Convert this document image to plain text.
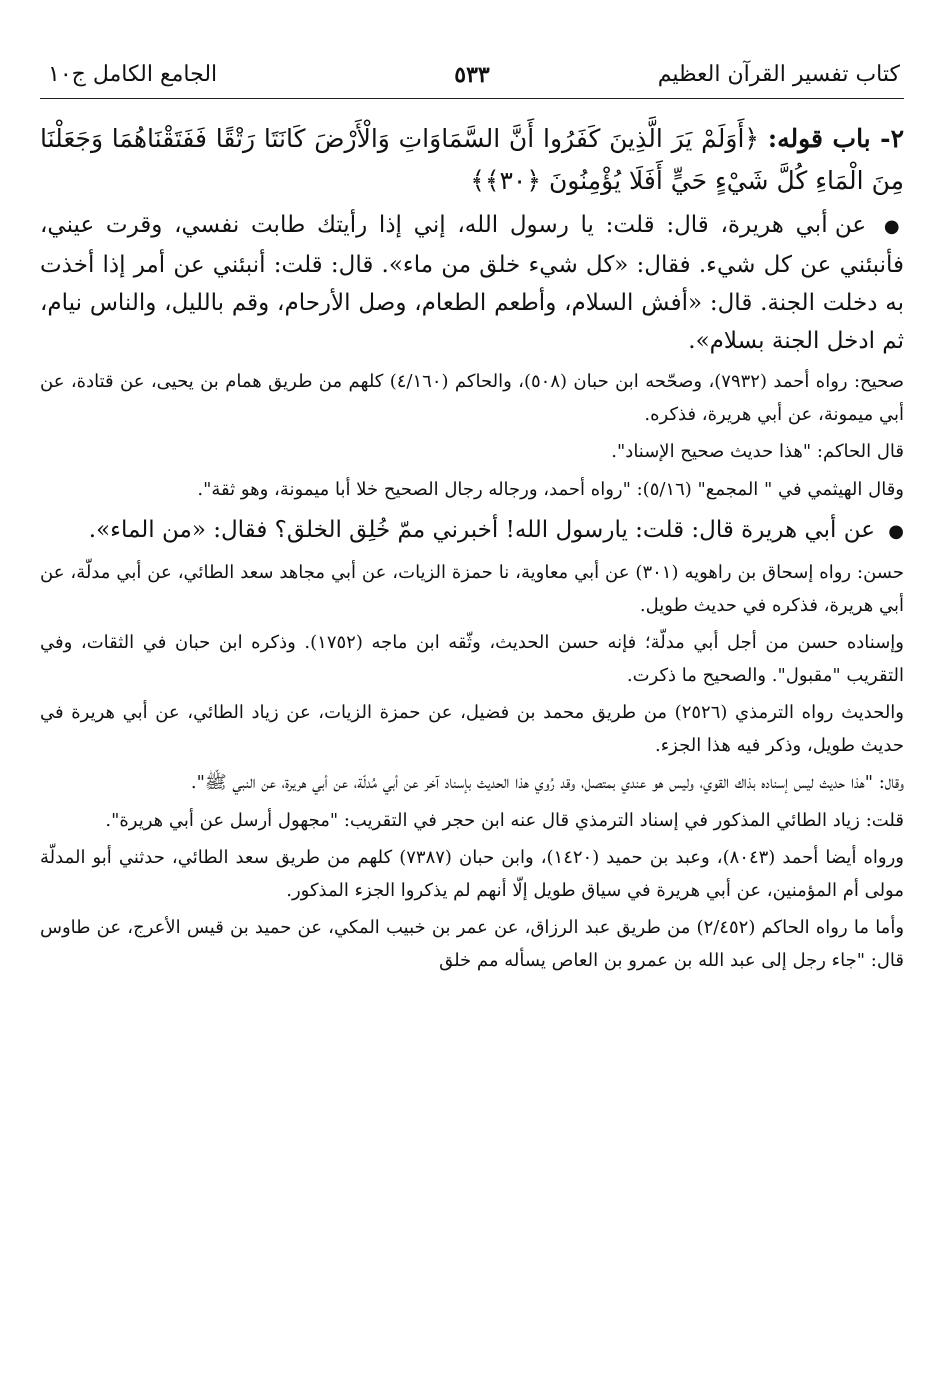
كتاب تفسير القرآن العظيم
٥٣٣
الجامع الكامل ج١٠
٢- باب قوله: ﴿أَوَلَمْ يَرَ الَّذِينَ كَفَرُوا أَنَّ السَّمَاوَاتِ وَالْأَرْضَ كَانَتَا رَتْقًا فَفَتَقْنَاهُمَا وَجَعَلْنَا مِنَ الْمَاءِ كُلَّ شَيْءٍ حَيٍّ أَفَلَا يُؤْمِنُونَ ﴿٣٠﴾﴾
● عن أبي هريرة، قال: قلت: يا رسول الله، إني إذا رأيتك طابت نفسي، وقرت عيني، فأنبئني عن كل شيء. فقال: «كل شيء خلق من ماء». قال: قلت: أنبئني عن أمر إذا أخذت به دخلت الجنة. قال: «أفش السلام، وأطعم الطعام، وصل الأرحام، وقم بالليل، والناس نيام، ثم ادخل الجنة بسلام».
صحيح: رواه أحمد (٧٩٣٢)، وصحّحه ابن حبان (٥٠٨)، والحاكم (٤/١٦٠) كلهم من طريق همام بن يحيى، عن قتادة، عن أبي ميمونة، عن أبي هريرة، فذكره.
قال الحاكم: "هذا حديث صحيح الإسناد".
وقال الهيثمي في " المجمع" (٥/١٦): "رواه أحمد، ورجاله رجال الصحيح خلا أبا ميمونة، وهو ثقة".
● عن أبي هريرة قال: قلت: يارسول الله! أخبرني ممّ خُلِق الخلق؟ فقال: «من الماء».
حسن: رواه إسحاق بن راهويه (٣٠١) عن أبي معاوية، نا حمزة الزيات، عن أبي مجاهد سعد الطائي، عن أبي مدلّة، عن أبي هريرة، فذكره في حديث طويل.
وإسناده حسن من أجل أبي مدلّة؛ فإنه حسن الحديث، وثّقه ابن ماجه (١٧٥٢). وذكره ابن حبان في الثقات، وفي التقريب "مقبول". والصحيح ما ذكرت.
والحديث رواه الترمذي (٢٥٢٦) من طريق محمد بن فضيل، عن حمزة الزيات، عن زياد الطائي، عن أبي هريرة في حديث طويل، وذكر فيه هذا الجزء.
وقال: "هذا حديث ليس إسناده بذاك القوي، وليس هو عندي بمتصل، وقد رُوي هذا الحديث بإسناد آخر عن أبي مُدلّة، عن أبي هريرة، عن النبي ﷺ".
قلت: زياد الطائي المذكور في إسناد الترمذي قال عنه ابن حجر في التقريب: "مجهول أرسل عن أبي هريرة".
ورواه أيضا أحمد (٨٠٤٣)، وعبد بن حميد (١٤٢٠)، وابن حبان (٧٣٨٧) كلهم من طريق سعد الطائي، حدثني أبو المدلّة مولى أم المؤمنين، عن أبي هريرة في سياق طويل إلّا أنهم لم يذكروا الجزء المذكور.
وأما ما رواه الحاكم (٢/٤٥٢) من طريق عبد الرزاق، عن عمر بن خبيب المكي، عن حميد بن قيس الأعرج، عن طاوس قال: "جاء رجل إلى عبد الله بن عمرو بن العاص يسأله مم خلق
